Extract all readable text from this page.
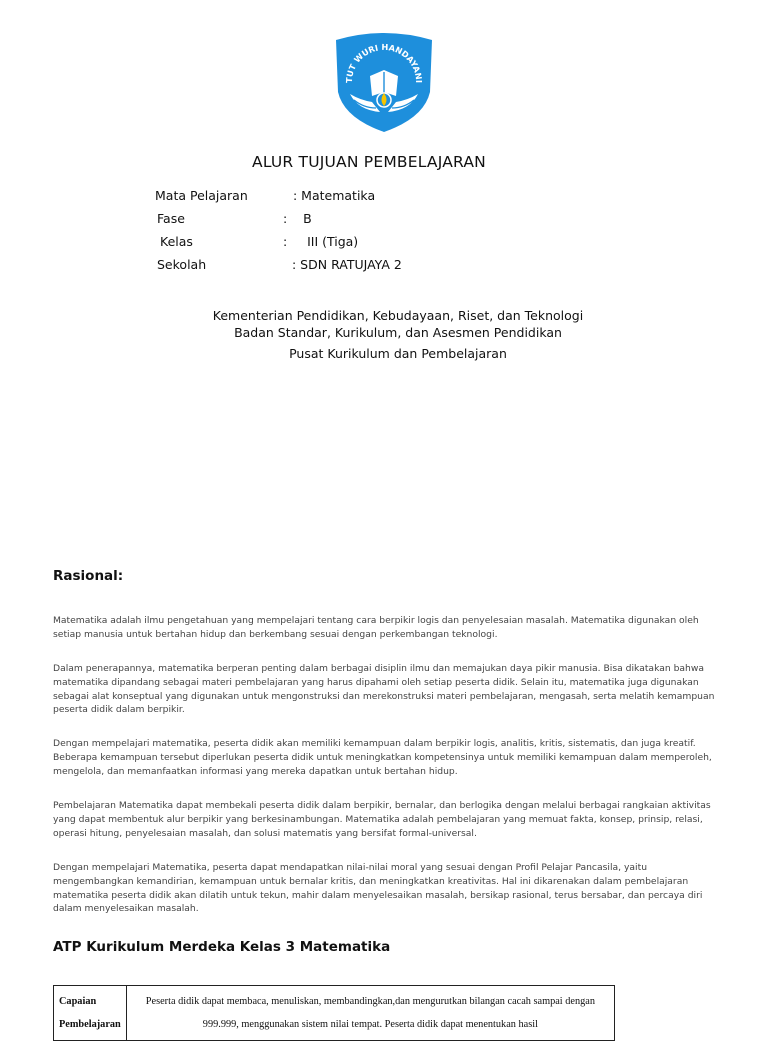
TUT WURI HANDAYANI
ALUR TUJUAN PEMBELAJARAN
Mata Pelajaran	: Matematika
Fase	:    B
Kelas	:     III (Tiga)
Sekolah	: SDN RATUJAYA 2
Kementerian Pendidikan, Kebudayaan, Riset, dan Teknologi
Badan Standar, Kurikulum, dan Asesmen Pendidikan
Pusat Kurikulum dan Pembelajaran
Rasional:

Matematika adalah ilmu pengetahuan yang mempelajari tentang cara berpikir logis dan penyelesaian masalah. Matematika digunakan oleh setiap manusia untuk bertahan hidup dan berkembang sesuai dengan perkembangan teknologi.

Dalam penerapannya, matematika berperan penting dalam berbagai disiplin ilmu dan memajukan daya pikir manusia. Bisa dikatakan bahwa matematika dipandang sebagai materi pembelajaran yang harus dipahami oleh setiap peserta didik. Selain itu, matematika juga digunakan sebagai alat konseptual yang digunakan untuk mengonstruksi dan merekonstruksi materi pembelajaran, mengasah, serta melatih kemampuan peserta didik dalam berpikir.

Dengan mempelajari matematika, peserta didik akan memiliki kemampuan dalam berpikir logis, analitis, kritis, sistematis, dan juga kreatif. Beberapa kemampuan tersebut diperlukan peserta didik untuk meningkatkan kompetensinya untuk memiliki kemampuan dalam memperoleh, mengelola, dan memanfaatkan informasi yang mereka dapatkan untuk bertahan hidup.

Pembelajaran Matematika dapat membekali peserta didik dalam berpikir, bernalar, dan berlogika dengan melalui berbagai rangkaian aktivitas yang dapat membentuk alur berpikir yang berkesinambungan. Matematika adalah pembelajaran yang memuat fakta, konsep, prinsip, relasi, operasi hitung, penyelesaian masalah, dan solusi matematis yang bersifat formal-universal.

Dengan mempelajari Matematika, peserta dapat mendapatkan nilai-nilai moral yang sesuai dengan Profil Pelajar Pancasila, yaitu mengembangkan kemandirian, kemampuan untuk bernalar kritis, dan meningkatkan kreativitas. Hal ini dikarenakan dalam pembelajaran matematika peserta didik akan dilatih untuk tekun, mahir dalam menyelesaikan masalah, bersikap rasional, terus bersabar, dan percaya diri dalam menyelesaikan masalah.

ATP Kurikulum Merdeka Kelas 3 Matematika
Capaian Pembelajaran	Peserta didik dapat membaca, menuliskan, membandingkan,dan mengurutkan bilangan cacah sampai dengan 999.999, menggunakan sistem nilai tempat. Peserta didik dapat menentukan hasil
